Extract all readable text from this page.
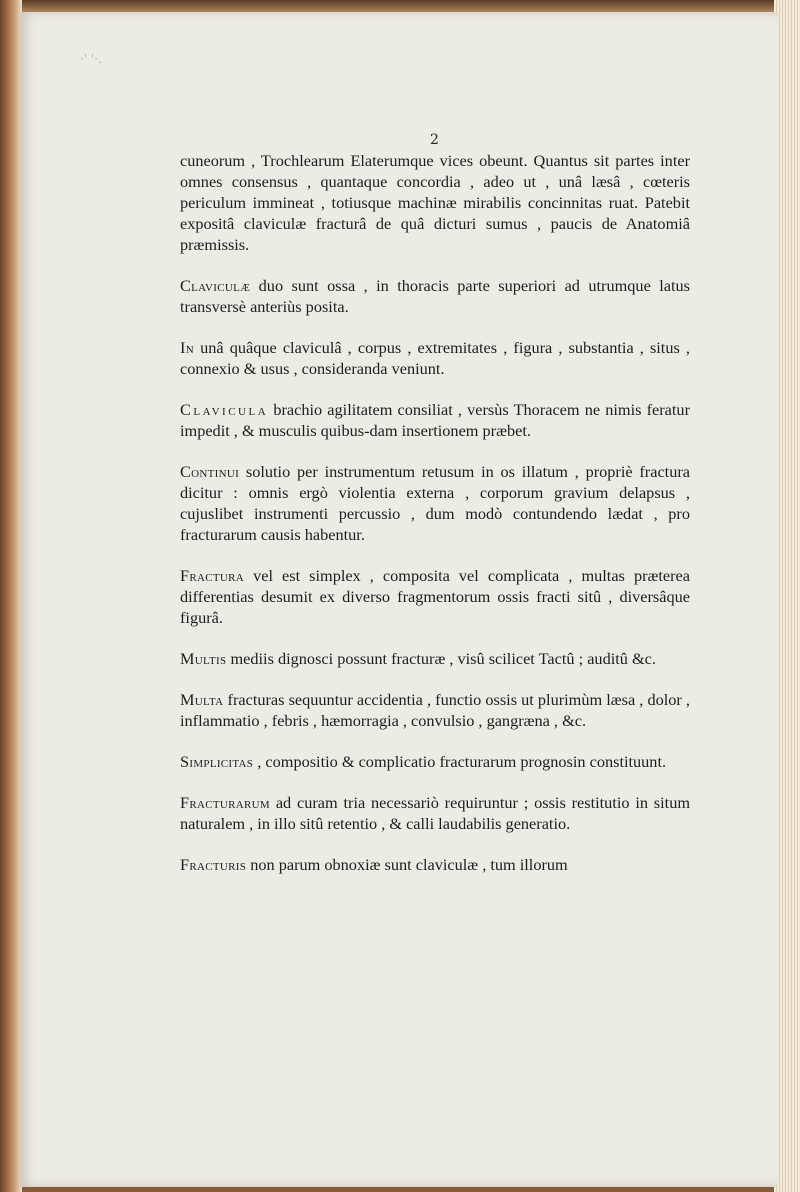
·' '·.
2

cuneorum , Trochlearum Elaterumque vices obeunt. Quantus sit partes inter omnes consensus , quantaque concordia , adeo ut , unâ læsâ , cœteris periculum immineat , totiusque machinæ mirabilis concinnitas ruat. Patebit expositâ claviculæ fracturâ de quâ dicturi sumus , paucis de Anatomiâ præmissis.

Claviculæ duo sunt ossa , in thoracis parte superiori ad utrumque latus transversè anteriùs posita.

In unâ quâque claviculâ , corpus , extremitates , figura , substantia , situs , connexio & usus , consideranda veniunt.

Clavicula brachio agilitatem consiliat , versùs Thoracem ne nimis feratur impedit , & musculis quibus-dam insertionem præbet.

Continui solutio per instrumentum retusum in os illatum , propriè fractura dicitur : omnis ergò violentia externa , corporum gravium delapsus , cujuslibet instrumenti percussio , dum modò contundendo lædat , pro fracturarum causis habentur.

Fractura vel est simplex , composita vel complicata , multas præterea differentias desumit ex diverso fragmentorum ossis fracti sitû , diversâque figurâ.

Multis mediis dignosci possunt fracturæ , visû scilicet Tactû ; auditû &c.

Multa fracturas sequuntur accidentia , functio ossis ut plurimùm læsa , dolor , inflammatio , febris , hæmorragia , convulsio , gangræna , &c.

Simplicitas , compositio & complicatio fracturarum prognosin constituunt.

Fracturarum ad curam tria necessariò requiruntur ; ossis restitutio in situm naturalem , in illo sitû retentio , & calli laudabilis generatio.

Fracturis non parum obnoxiæ sunt claviculæ , tum illorum
